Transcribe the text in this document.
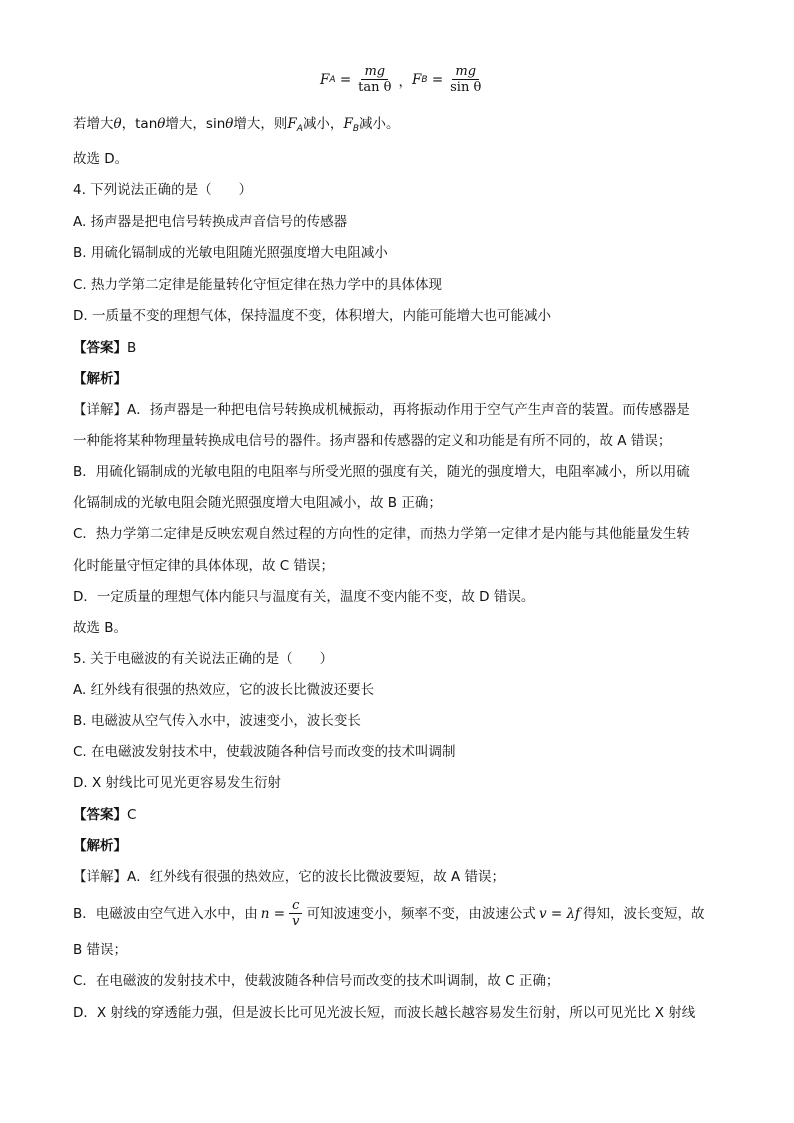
F $A = \frac{mg}{\text{tan θ}}$ ， F $B = \frac{mg}{\text{sin θ}}$
若增大θ，tanθ增大，sinθ增大，则$F_A$减小，$F_B$减小。
故选 D。
4. 下列说法正确的是（　　）
A. 扬声器是把电信号转换成声音信号的传感器
B. 用硫化镉制成的光敏电阻随光照强度增大电阻减小
C. 热力学第二定律是能量转化守恒定律在热力学中的具体体现
D. 一质量不变的理想气体，保持温度不变，体积增大，内能可能增大也可能减小
【答案】B
【解析】
【详解】A．扬声器是一种把电信号转换成机械振动，再将振动作用于空气产生声音的装置。而传感器是
一种能将某种物理量转换成电信号的器件。扬声器和传感器的定义和功能是有所不同的，故 A 错误；
B．用硫化镉制成的光敏电阻的电阻率与所受光照的强度有关，随光的强度增大，电阻率减小，所以用硫
化镉制成的光敏电阻会随光照强度增大电阻减小，故 B 正确；
C．热力学第二定律是反映宏观自然过程的方向性的定律，而热力学第一定律才是内能与其他能量发生转
化时能量守恒定律的具体体现，故 C 错误；
D．一定质量的理想气体内能只与温度有关，温度不变内能不变，故 D 错误。
故选 B。
5. 关于电磁波的有关说法正确的是（　　）
A. 红外线有很强的热效应，它的波长比微波还要长
B. 电磁波从空气传入水中，波速变小，波长变长
C. 在电磁波发射技术中，使载波随各种信号而改变的技术叫调制
D. X 射线比可见光更容易发生衍射
【答案】C
【解析】
【详解】A．红外线有很强的热效应，它的波长比微波要短，故 A 错误；
B．电磁波由空气进入水中，由 $n = \frac{c}{v}$ 可知波速变小，频率不变，由波速公式 v = λf 得知，波长变短，故
B 错误；
C．在电磁波的发射技术中，使载波随各种信号而改变的技术叫调制，故 C 正确；
D．X 射线的穿透能力强，但是波长比可见光波长短，而波长越长越容易发生衍射，所以可见光比 X 射线
